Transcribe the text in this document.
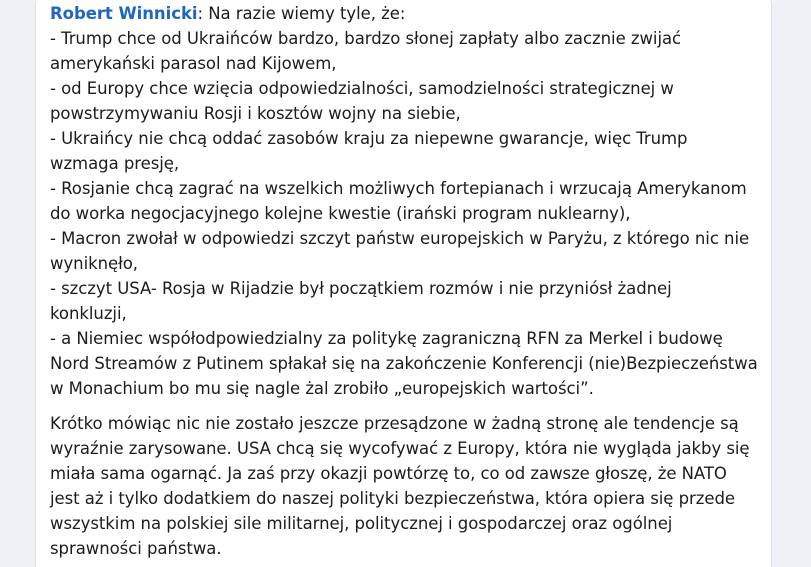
Robert Winnicki: Na razie wiemy tyle, że:
- Trump chce od Ukraińców bardzo, bardzo słonej zapłaty albo zacznie zwijać
amerykański parasol nad Kijowem,
- od Europy chce wzięcia odpowiedzialności, samodzielności strategicznej w
powstrzymywaniu Rosji i kosztów wojny na siebie,
- Ukraińcy nie chcą oddać zasobów kraju za niepewne gwarancje, więc Trump
wzmaga presję,
- Rosjanie chcą zagrać na wszelkich możliwych fortepianach i wrzucają Amerykanom
do worka negocjacyjnego kolejne kwestie (irański program nuklearny),
- Macron zwołał w odpowiedzi szczyt państw europejskich w Paryżu, z którego nic nie
wyniknęło,
- szczyt USA- Rosja w Rijadzie był początkiem rozmów i nie przyniósł żadnej
konkluzji,
- a Niemiec współodpowiedzialny za politykę zagraniczną RFN za Merkel i budowę
Nord Streamów z Putinem spłakał się na zakończenie Konferencji (nie)Bezpieczeństwa
w Monachium bo mu się nagle żal zrobiło „europejskich wartości”.
Krótko mówiąc nic nie zostało jeszcze przesądzone w żadną stronę ale tendencje są
wyraźnie zarysowane. USA chcą się wycofywać z Europy, która nie wygląda jakby się
miała sama ogarnąć. Ja zaś przy okazji powtórzę to, co od zawsze głoszę, że NATO
jest aż i tylko dodatkiem do naszej polityki bezpieczeństwa, która opiera się przede
wszystkim na polskiej sile militarnej, politycznej i gospodarczej oraz ogólnej
sprawności państwa.
